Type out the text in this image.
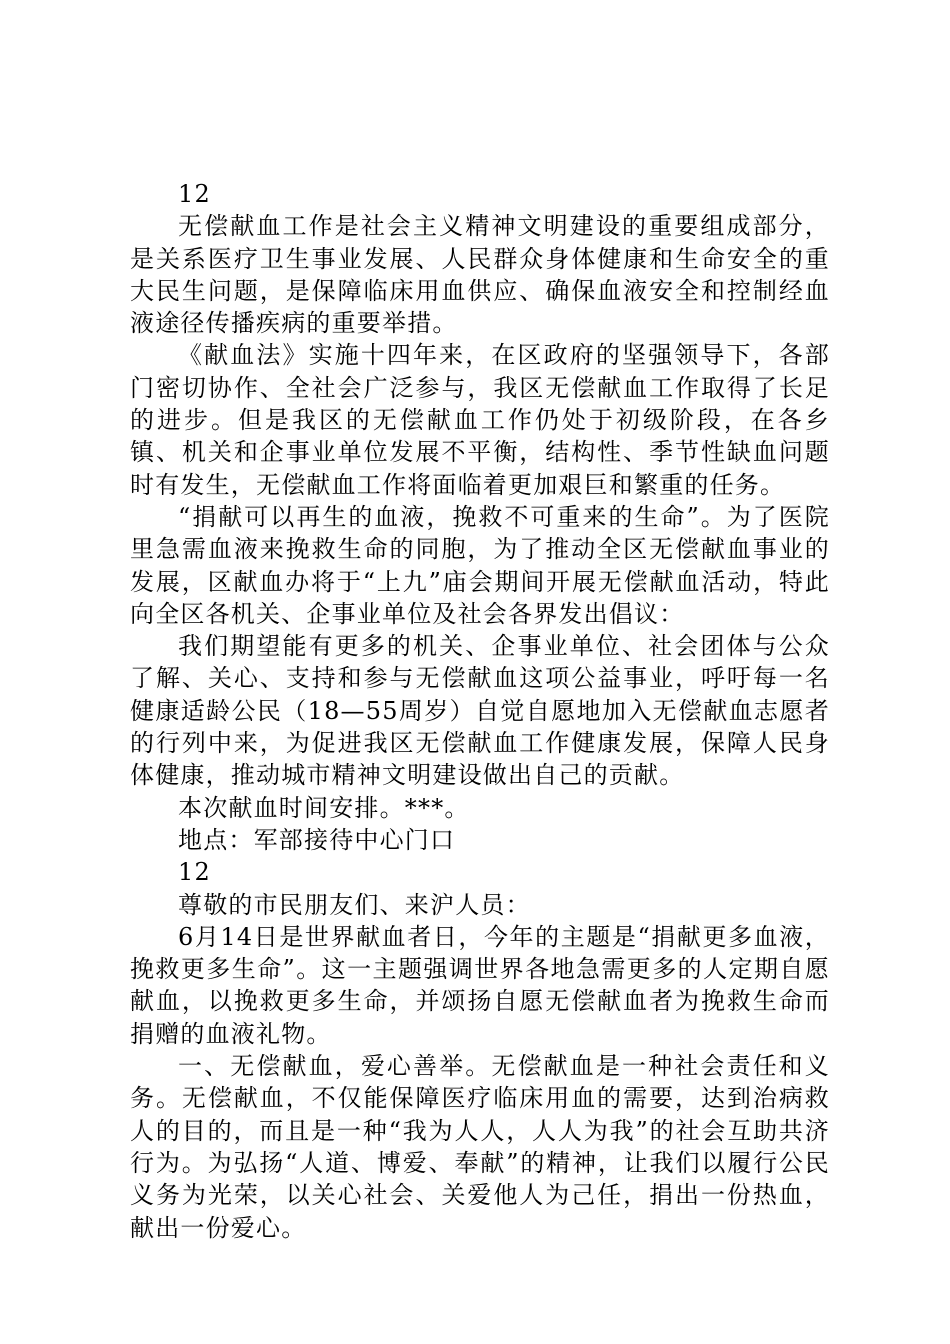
12

无偿献血工作是社会主义精神文明建设的重要组成部分，是关系医疗卫生事业发展、人民群众身体健康和生命安全的重大民生问题，是保障临床用血供应、确保血液安全和控制经血液途径传播疾病的重要举措。

《献血法》实施十四年来，在区政府的坚强领导下，各部门密切协作、全社会广泛参与，我区无偿献血工作取得了长足的进步。但是我区的无偿献血工作仍处于初级阶段，在各乡镇、机关和企事业单位发展不平衡，结构性、季节性缺血问题时有发生，无偿献血工作将面临着更加艰巨和繁重的任务。

“捐献可以再生的血液，挽救不可重来的生命”。为了医院里急需血液来挽救生命的同胞，为了推动全区无偿献血事业的发展，区献血办将于“上九”庙会期间开展无偿献血活动，特此向全区各机关、企事业单位及社会各界发出倡议：

我们期望能有更多的机关、企事业单位、社会团体与公众了解、关心、支持和参与无偿献血这项公益事业，呼吁每一名健康适龄公民（18—55周岁）自觉自愿地加入无偿献血志愿者的行列中来，为促进我区无偿献血工作健康发展，保障人民身体健康，推动城市精神文明建设做出自己的贡献。

本次献血时间安排。***。

地点：军部接待中心门口

12

尊敬的市民朋友们、来沪人员：

6月14日是世界献血者日，今年的主题是“捐献更多血液，挽救更多生命”。这一主题强调世界各地急需更多的人定期自愿献血，以挽救更多生命，并颂扬自愿无偿献血者为挽救生命而捐赠的血液礼物。

一、无偿献血，爱心善举。无偿献血是一种社会责任和义务。无偿献血，不仅能保障医疗临床用血的需要，达到治病救人的目的，而且是一种“我为人人，人人为我”的社会互助共济行为。为弘扬“人道、博爱、奉献”的精神，让我们以履行公民义务为光荣，以关心社会、关爱他人为己任，捐出一份热血，献出一份爱心。
